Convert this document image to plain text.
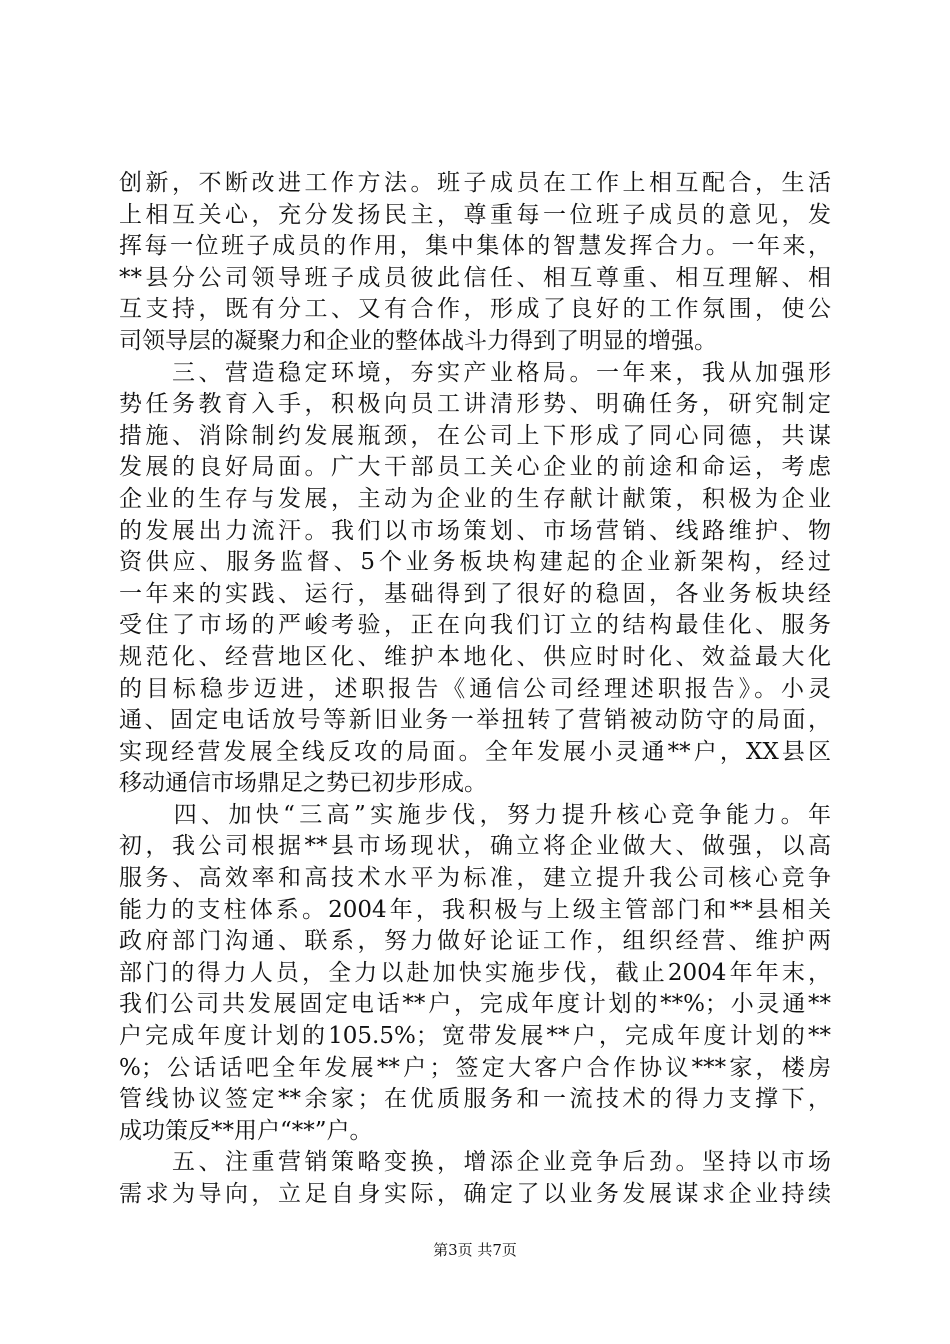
创新，不断改进工作方法。班子成员在工作上相互配合，生活
上相互关心，充分发扬民主，尊重每一位班子成员的意见，发
挥每一位班子成员的作用，集中集体的智慧发挥合力。一年来，
**县分公司领导班子成员彼此信任、相互尊重、相互理解、相
互支持，既有分工、又有合作，形成了良好的工作氛围，使公
司领导层的凝聚力和企业的整体战斗力得到了明显的增强。
　　三、营造稳定环境，夯实产业格局。一年来，我从加强形
势任务教育入手，积极向员工讲清形势、明确任务，研究制定
措施、消除制约发展瓶颈，在公司上下形成了同心同德，共谋
发展的良好局面。广大干部员工关心企业的前途和命运，考虑
企业的生存与发展，主动为企业的生存献计献策，积极为企业
的发展出力流汗。我们以市场策划、市场营销、线路维护、物
资供应、服务监督、5个业务板块构建起的企业新架构，经过
一年来的实践、运行，基础得到了很好的稳固，各业务板块经
受住了市场的严峻考验，正在向我们订立的结构最佳化、服务
规范化、经营地区化、维护本地化、供应时时化、效益最大化
的目标稳步迈进，述职报告《通信公司经理述职报告》。小灵
通、固定电话放号等新旧业务一举扭转了营销被动防守的局面，
实现经营发展全线反攻的局面。全年发展小灵通**户，XX县区
移动通信市场鼎足之势已初步形成。
　　四、加快“三高”实施步伐，努力提升核心竞争能力。年
初，我公司根据**县市场现状，确立将企业做大、做强，以高
服务、高效率和高技术水平为标准，建立提升我公司核心竞争
能力的支柱体系。2004年，我积极与上级主管部门和**县相关
政府部门沟通、联系，努力做好论证工作，组织经营、维护两
部门的得力人员，全力以赴加快实施步伐，截止2004年年末，
我们公司共发展固定电话**户，完成年度计划的**%；小灵通**
户完成年度计划的105.5%；宽带发展**户，完成年度计划的**
%；公话话吧全年发展**户；签定大客户合作协议***家，楼房
管线协议签定**余家；在优质服务和一流技术的得力支撑下，
成功策反**用户“**”户。
　　五、注重营销策略变换，增添企业竞争后劲。坚持以市场
需求为导向，立足自身实际，确定了以业务发展谋求企业持续
第3页 共7页
